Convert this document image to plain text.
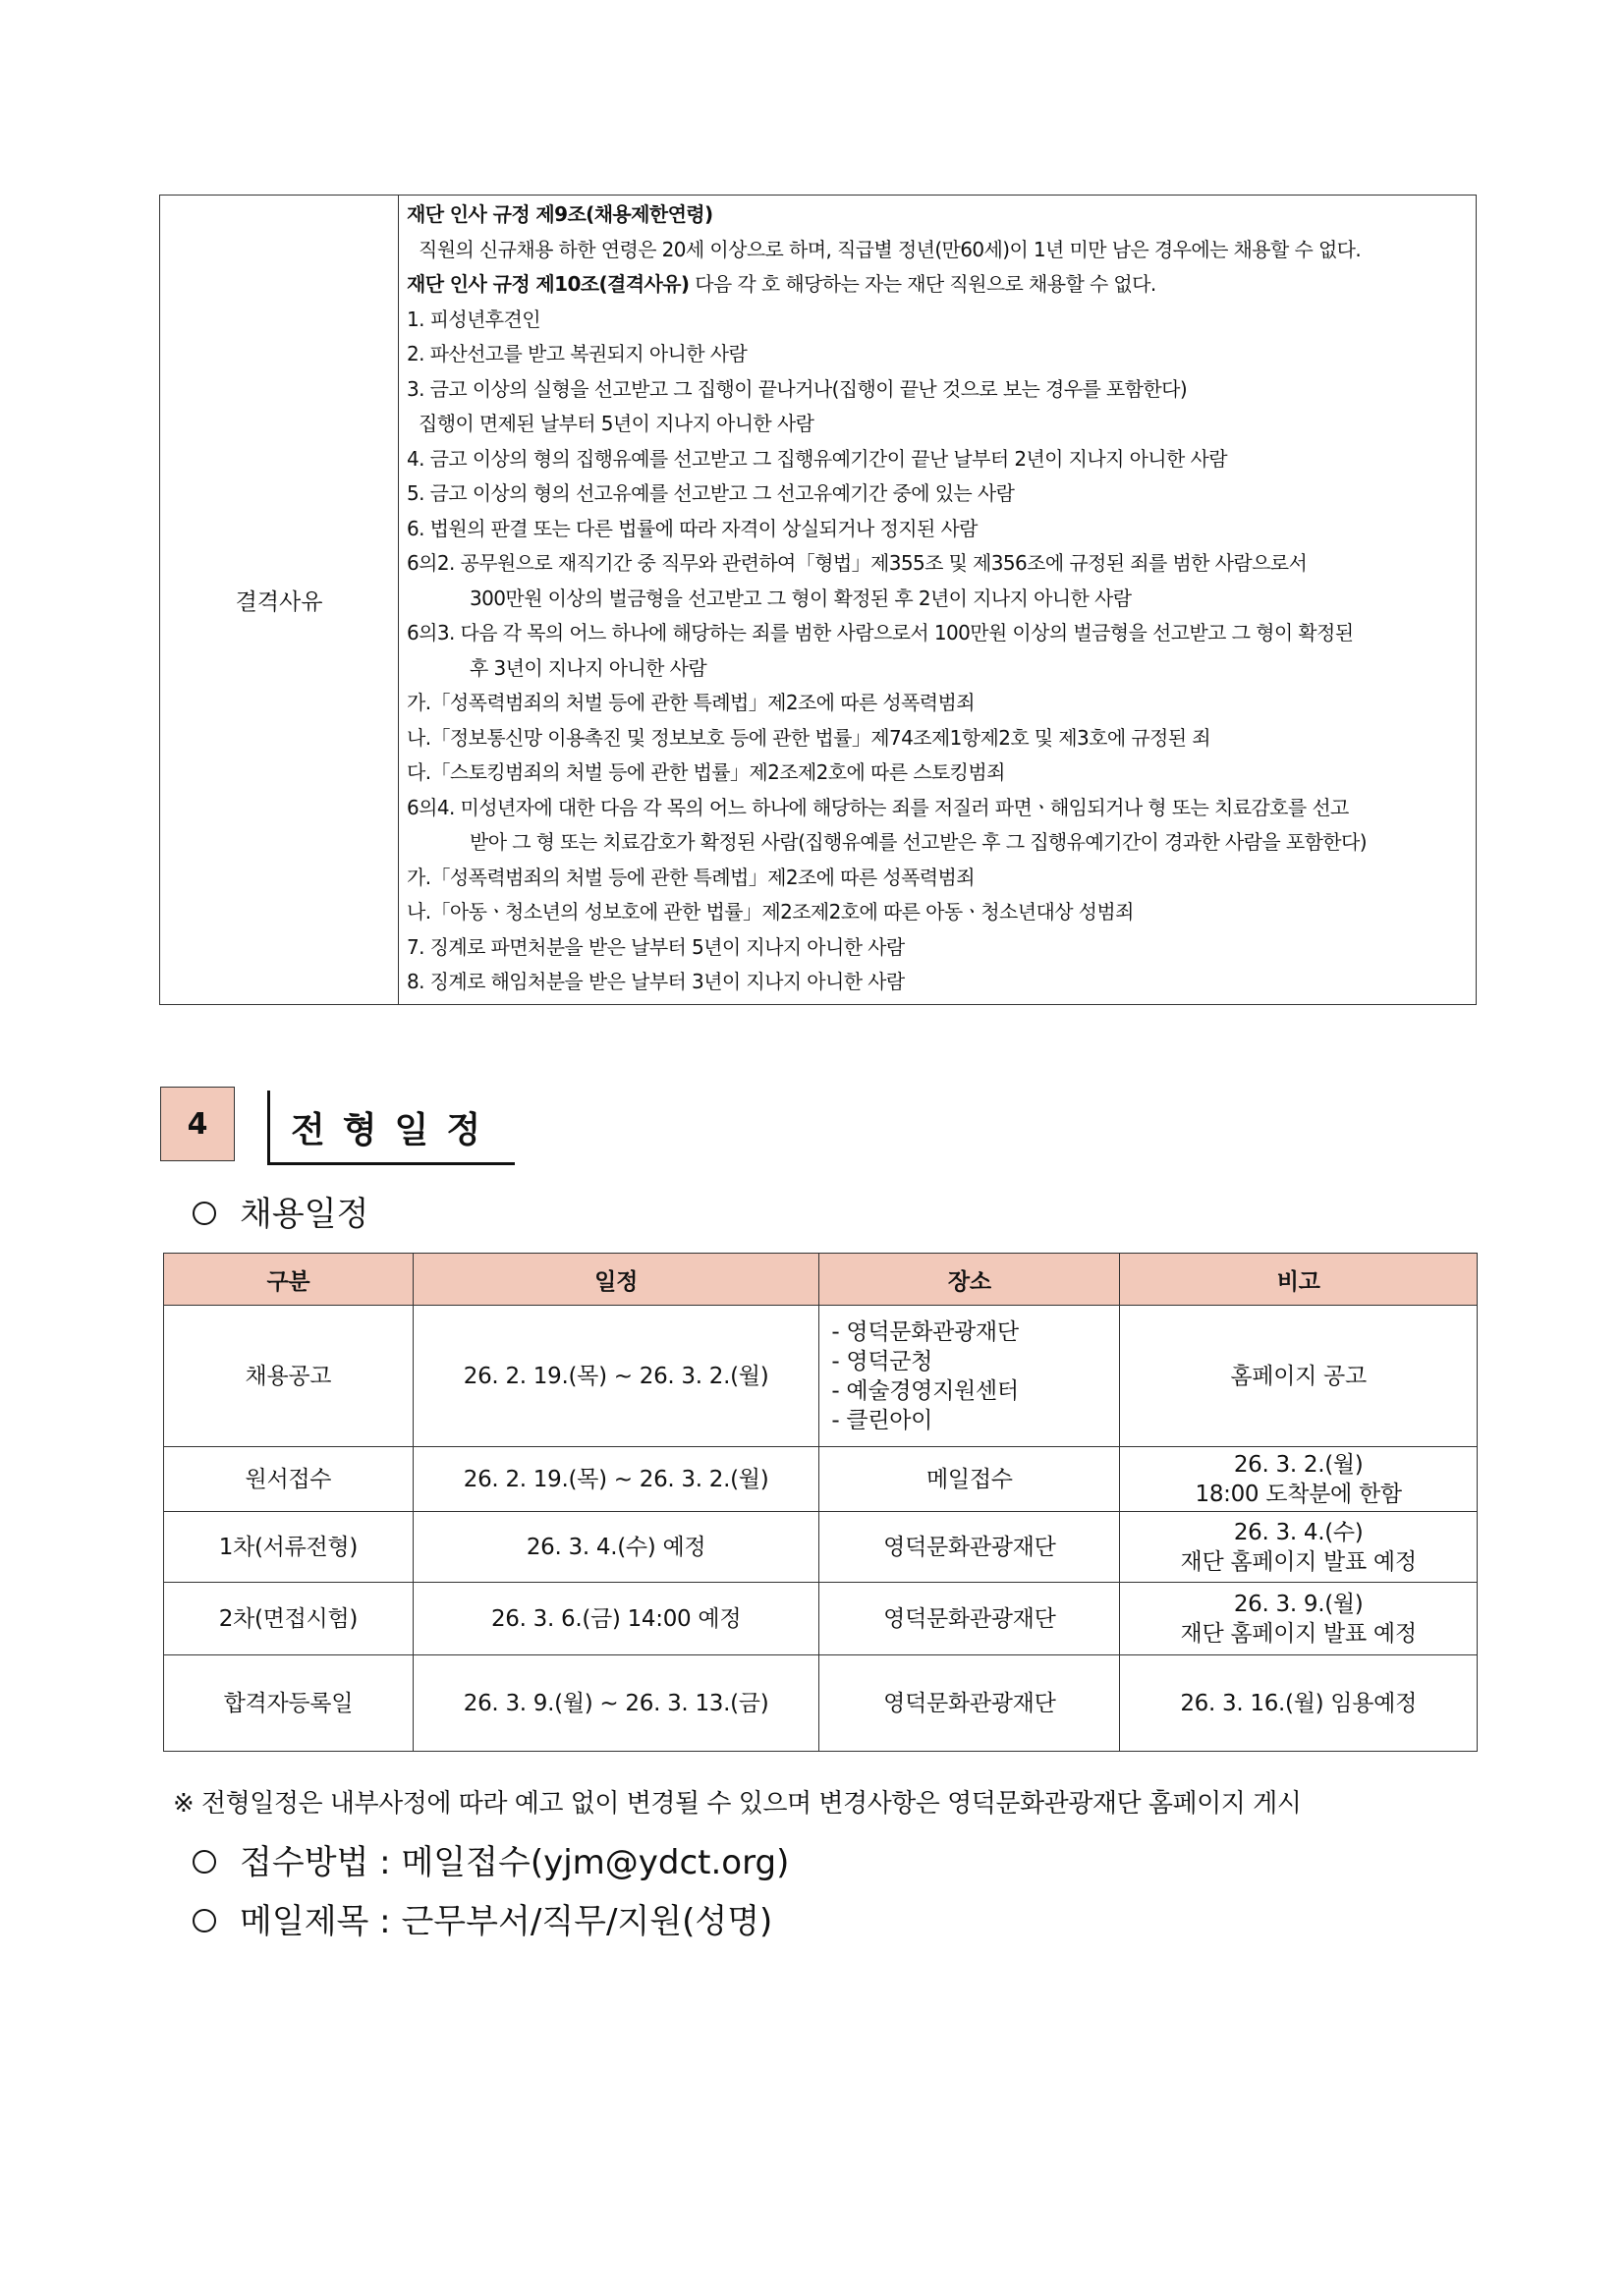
결격사유	
재단 인사 규정 제9조(채용제한연령)
직원의 신규채용 하한 연령은 20세 이상으로 하며, 직급별 정년(만60세)이 1년 미만 남은 경우에는 채용할 수 없다.
재단 인사 규정 제10조(결격사유) 다음 각 호 해당하는 자는 재단 직원으로 채용할 수 없다.
1. 피성년후견인
2. 파산선고를 받고 복권되지 아니한 사람
3. 금고 이상의 실형을 선고받고 그 집행이 끝나거나(집행이 끝난 것으로 보는 경우를 포함한다)
집행이 면제된 날부터 5년이 지나지 아니한 사람
4. 금고 이상의 형의 집행유예를 선고받고 그 집행유예기간이 끝난 날부터 2년이 지나지 아니한 사람
5. 금고 이상의 형의 선고유예를 선고받고 그 선고유예기간 중에 있는 사람
6. 법원의 판결 또는 다른 법률에 따라 자격이 상실되거나 정지된 사람
6의2. 공무원으로 재직기간 중 직무와 관련하여「형법」제355조 및 제356조에 규정된 죄를 범한 사람으로서
300만원 이상의 벌금형을 선고받고 그 형이 확정된 후 2년이 지나지 아니한 사람
6의3. 다음 각 목의 어느 하나에 해당하는 죄를 범한 사람으로서 100만원 이상의 벌금형을 선고받고 그 형이 확정된
후 3년이 지나지 아니한 사람
가.「성폭력범죄의 처벌 등에 관한 특례법」제2조에 따른 성폭력범죄
나.「정보통신망 이용촉진 및 정보보호 등에 관한 법률」제74조제1항제2호 및 제3호에 규정된 죄
다.「스토킹범죄의 처벌 등에 관한 법률」제2조제2호에 따른 스토킹범죄
6의4. 미성년자에 대한 다음 각 목의 어느 하나에 해당하는 죄를 저질러 파면ㆍ해임되거나 형 또는 치료감호를 선고
받아 그 형 또는 치료감호가 확정된 사람(집행유예를 선고받은 후 그 집행유예기간이 경과한 사람을 포함한다)
가.「성폭력범죄의 처벌 등에 관한 특례법」제2조에 따른 성폭력범죄
나.「아동ㆍ청소년의 성보호에 관한 법률」제2조제2호에 따른 아동ㆍ청소년대상 성범죄
7. 징계로 파면처분을 받은 날부터 5년이 지나지 아니한 사람
8. 징계로 해임처분을 받은 날부터 3년이 지나지 아니한 사람
4	전형일정
채용일정
구분	일정	장소	비고
채용공고	26. 2. 19.(목) ~ 26. 3. 2.(월)	- 영덕문화관광재단
- 영덕군청
- 예술경영지원센터
- 클린아이	홈페이지 공고

원서접수	26. 2. 19.(목) ~ 26. 3. 2.(월)	메일접수	26. 3. 2.(월)
18:00 도착분에 한함

1차(서류전형)	26. 3. 4.(수) 예정	영덕문화관광재단	26. 3. 4.(수)
재단 홈페이지 발표 예정

2차(면접시험)	26. 3. 6.(금) 14:00 예정	영덕문화관광재단	26. 3. 9.(월)
재단 홈페이지 발표 예정

합격자등록일	26. 3. 9.(월) ~ 26. 3. 13.(금)	영덕문화관광재단	26. 3. 16.(월) 임용예정
※ 전형일정은 내부사정에 따라 예고 없이 변경될 수 있으며 변경사항은 영덕문화관광재단 홈페이지 게시
접수방법 : 메일접수(yjm@ydct.org)
메일제목 : 근무부서/직무/지원(성명)
